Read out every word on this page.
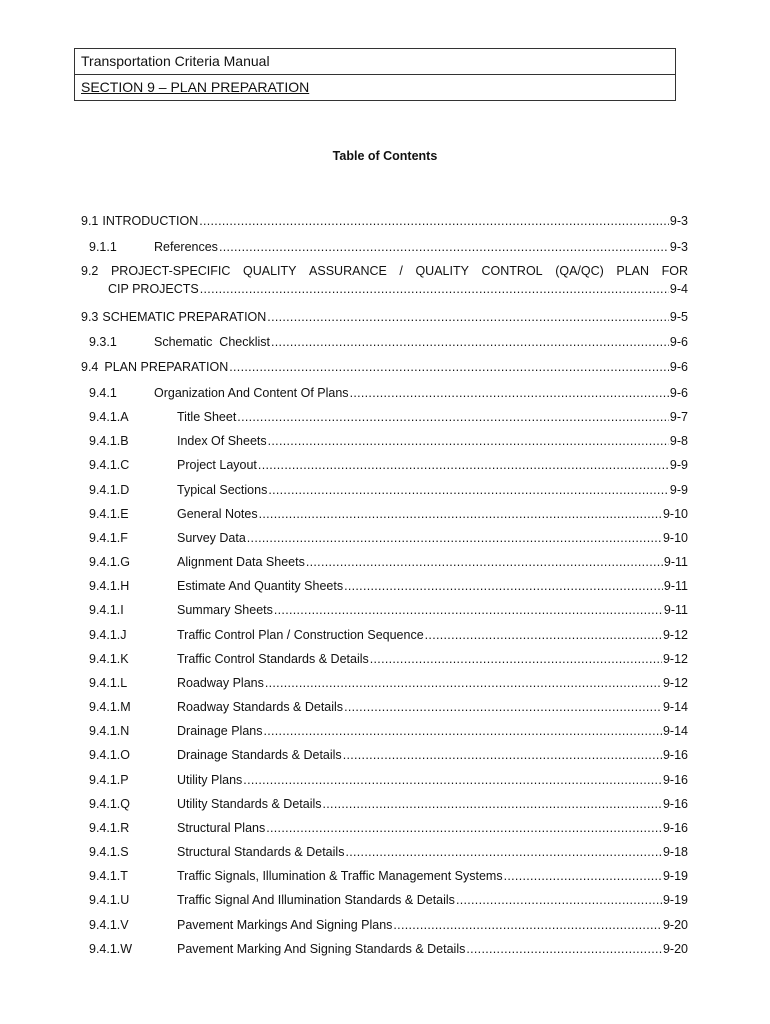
Transportation Criteria Manual
SECTION 9 – PLAN PREPARATION
Table of Contents
9.1 INTRODUCTION .....	9-3
9.1.1	References .....	9-3
9.2 PROJECT-SPECIFIC QUALITY ASSURANCE / QUALITY CONTROL (QA/QC) PLAN FOR
CIP PROJECTS .....	9-4
9.3 SCHEMATIC PREPARATION .....	9-5
9.3.1	Schematic  Checklist .....	9-6
9.4 PLAN PREPARATION .....	9-6
9.4.1	Organization And Content Of Plans .....	9-6
9.4.1.A	Title Sheet .....	9-7
9.4.1.B	Index Of Sheets .....	9-8
9.4.1.C	Project Layout .....	9-9
9.4.1.D	Typical Sections .....	9-9
9.4.1.E	General Notes .....	9-10
9.4.1.F	Survey Data .....	9-10
9.4.1.G	Alignment Data Sheets .....	9-11
9.4.1.H	Estimate And Quantity Sheets .....	9-11
9.4.1.I	Summary Sheets .....	9-11
9.4.1.J	Traffic Control Plan / Construction Sequence .....	9-12
9.4.1.K	Traffic Control Standards & Details .....	9-12
9.4.1.L	Roadway Plans .....	9-12
9.4.1.M	Roadway Standards & Details .....	9-14
9.4.1.N	Drainage Plans .....	9-14
9.4.1.O	Drainage Standards & Details .....	9-16
9.4.1.P	Utility Plans .....	9-16
9.4.1.Q	Utility Standards & Details .....	9-16
9.4.1.R	Structural Plans .....	9-16
9.4.1.S	Structural Standards & Details .....	9-18
9.4.1.T	Traffic Signals, Illumination & Traffic Management Systems .....	9-19
9.4.1.U	Traffic Signal And Illumination Standards & Details .....	9-19
9.4.1.V	Pavement Markings And Signing Plans .....	9-20
9.4.1.W	Pavement Marking And Signing Standards & Details .....	9-20
